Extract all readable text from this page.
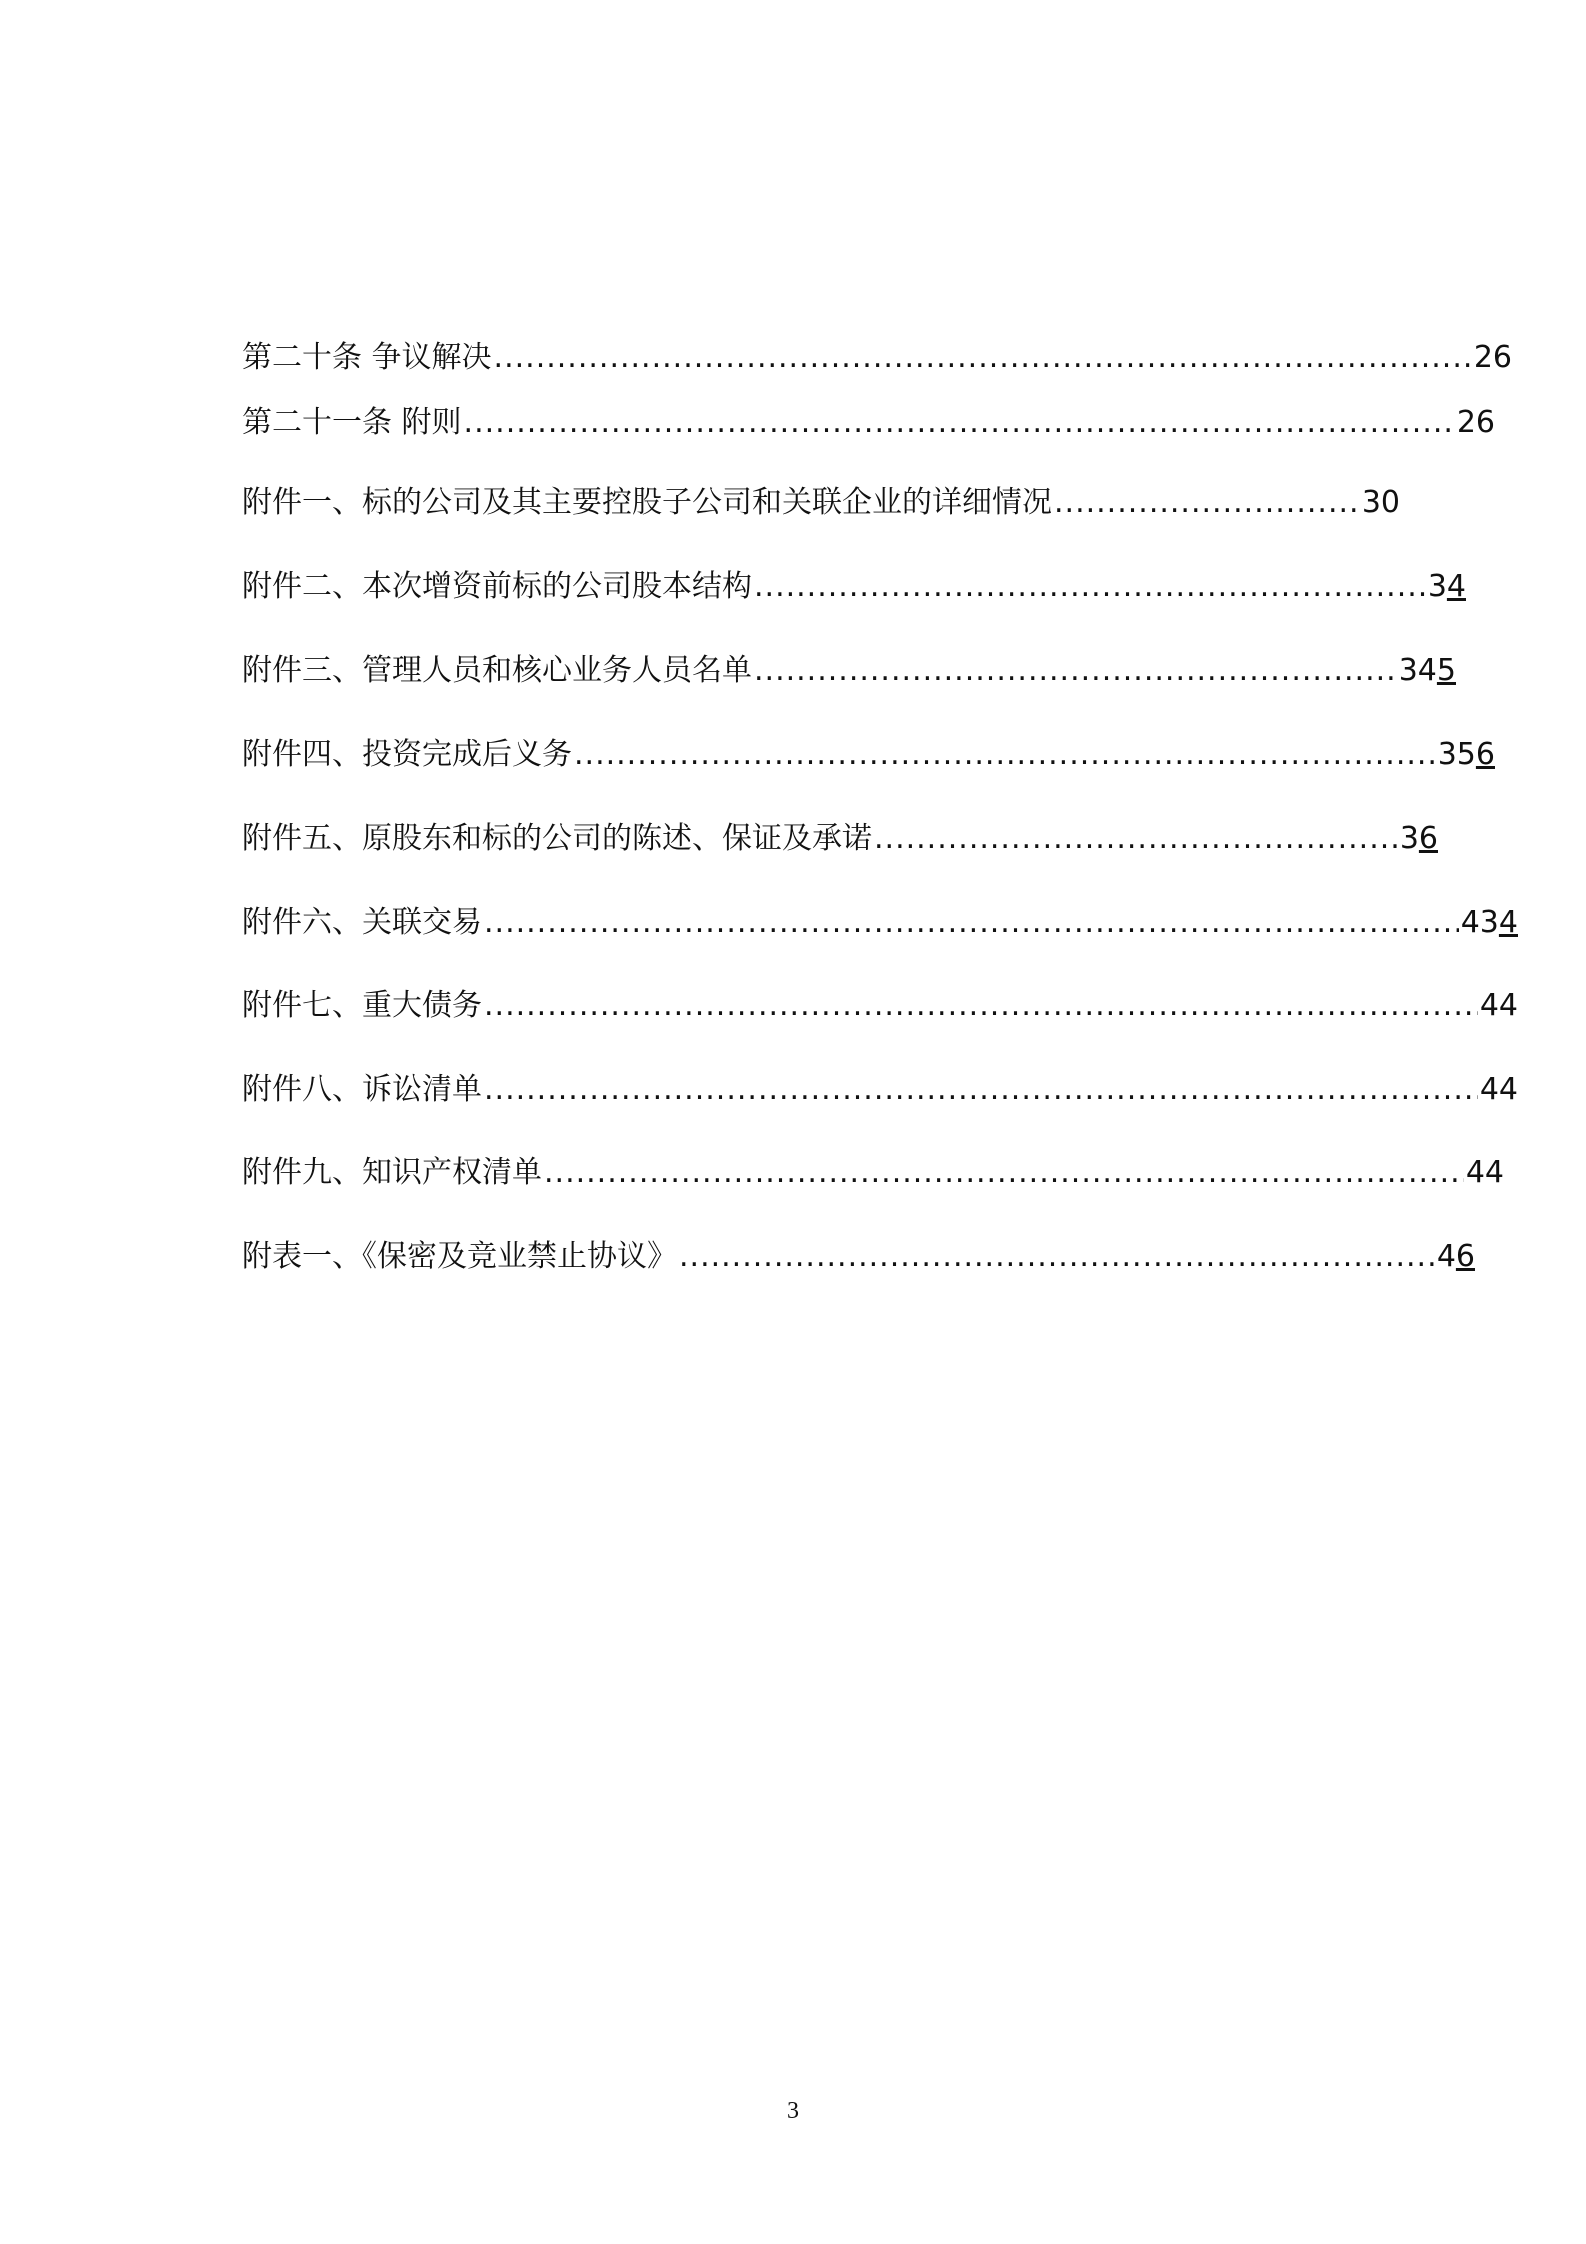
第二十条 争议解决 .....	26
第二十一条 附则 .....	26
附件一、标的公司及其主要控股子公司和关联企业的详细情况 .....	30
附件二、本次增资前标的公司股本结构 .....	34
附件三、管理人员和核心业务人员名单 .....	345
附件四、投资完成后义务 .....	356
附件五、原股东和标的公司的陈述、保证及承诺 .....	36
附件六、关联交易 .....	434
附件七、重大债务 .....	44
附件八、诉讼清单 .....	44
附件九、知识产权清单 .....	44
附表一、《保密及竞业禁止协议》 .....	46
3
